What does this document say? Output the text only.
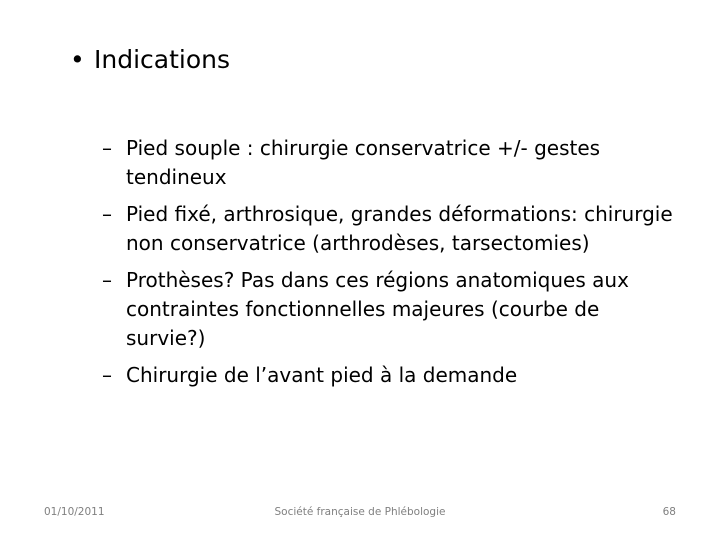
• Indications
– Pied souple : chirurgie conservatrice +/- gestes tendineux
– Pied fixé, arthrosique, grandes déformations: chirurgie non conservatrice (arthrodèses, tarsectomies)
– Prothèses? Pas dans ces régions anatomiques aux contraintes fonctionnelles majeures (courbe de survie?)
– Chirurgie de l’avant pied à la demande
01/10/2011	Société française de Phlébologie	68
